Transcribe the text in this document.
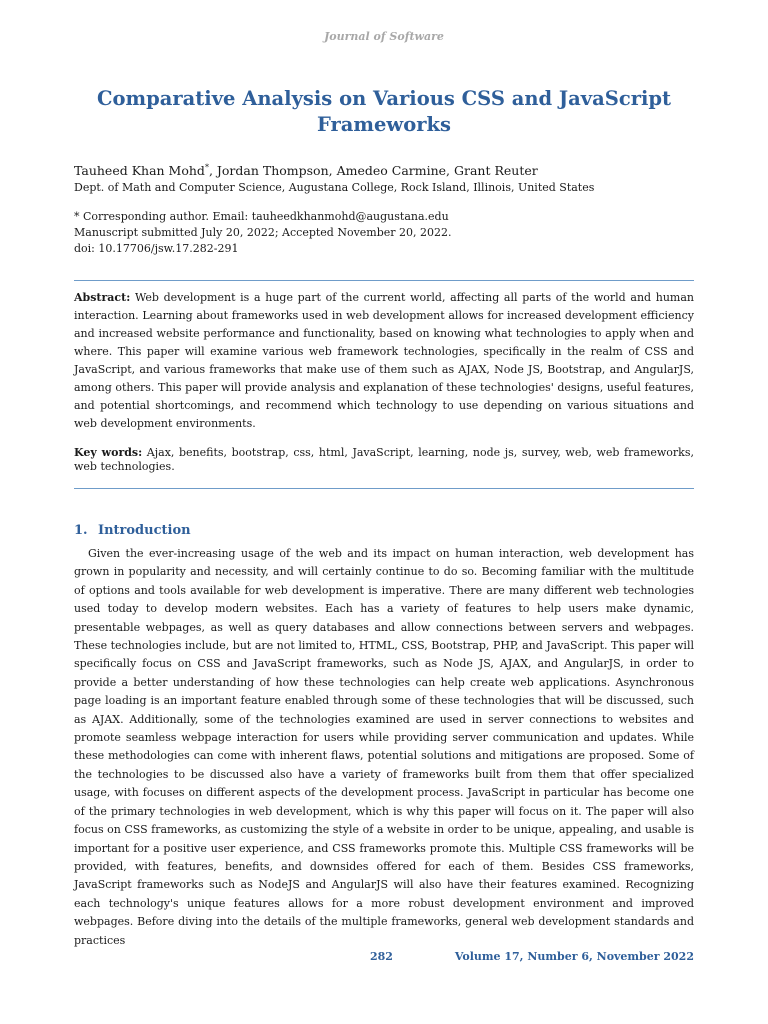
Journal of Software
Comparative Analysis on Various CSS and JavaScript Frameworks
Tauheed Khan Mohd*, Jordan Thompson, Amedeo Carmine, Grant Reuter
Dept. of Math and Computer Science, Augustana College, Rock Island, Illinois, United States
* Corresponding author. Email: tauheedkhanmohd@augustana.edu
Manuscript submitted July 20, 2022; Accepted November 20, 2022.
doi: 10.17706/jsw.17.282-291

Abstract: Web development is a huge part of the current world, affecting all parts of the world and human interaction. Learning about frameworks used in web development allows for increased development efficiency and increased website performance and functionality, based on knowing what technologies to apply when and where. This paper will examine various web framework technologies, specifically in the realm of CSS and JavaScript, and various frameworks that make use of them such as AJAX, Node JS, Bootstrap, and AngularJS, among others. This paper will provide analysis and explanation of these technologies' designs, useful features, and potential shortcomings, and recommend which technology to use depending on various situations and web development environments.

Key words: Ajax, benefits, bootstrap, css, html, JavaScript, learning, node js, survey, web, web frameworks, web technologies.

1. Introduction

Given the ever-increasing usage of the web and its impact on human interaction, web development has grown in popularity and necessity, and will certainly continue to do so. Becoming familiar with the multitude of options and tools available for web development is imperative. There are many different web technologies used today to develop modern websites. Each has a variety of features to help users make dynamic, presentable webpages, as well as query databases and allow connections between servers and webpages. These technologies include, but are not limited to, HTML, CSS, Bootstrap, PHP, and JavaScript. This paper will specifically focus on CSS and JavaScript frameworks, such as Node JS, AJAX, and AngularJS, in order to provide a better understanding of how these technologies can help create web applications. Asynchronous page loading is an important feature enabled through some of these technologies that will be discussed, such as AJAX. Additionally, some of the technologies examined are used in server connections to websites and promote seamless webpage interaction for users while providing server communication and updates. While these methodologies can come with inherent flaws, potential solutions and mitigations are proposed. Some of the technologies to be discussed also have a variety of frameworks built from them that offer specialized usage, with focuses on different aspects of the development process. JavaScript in particular has become one of the primary technologies in web development, which is why this paper will focus on it. The paper will also focus on CSS frameworks, as customizing the style of a website in order to be unique, appealing, and usable is important for a positive user experience, and CSS frameworks promote this. Multiple CSS frameworks will be provided, with features, benefits, and downsides offered for each of them. Besides CSS frameworks, JavaScript frameworks such as NodeJS and AngularJS will also have their features examined. Recognizing each technology's unique features allows for a more robust development environment and improved webpages. Before diving into the details of the multiple frameworks, general web development standards and practices

282	Volume 17, Number 6, November 2022
